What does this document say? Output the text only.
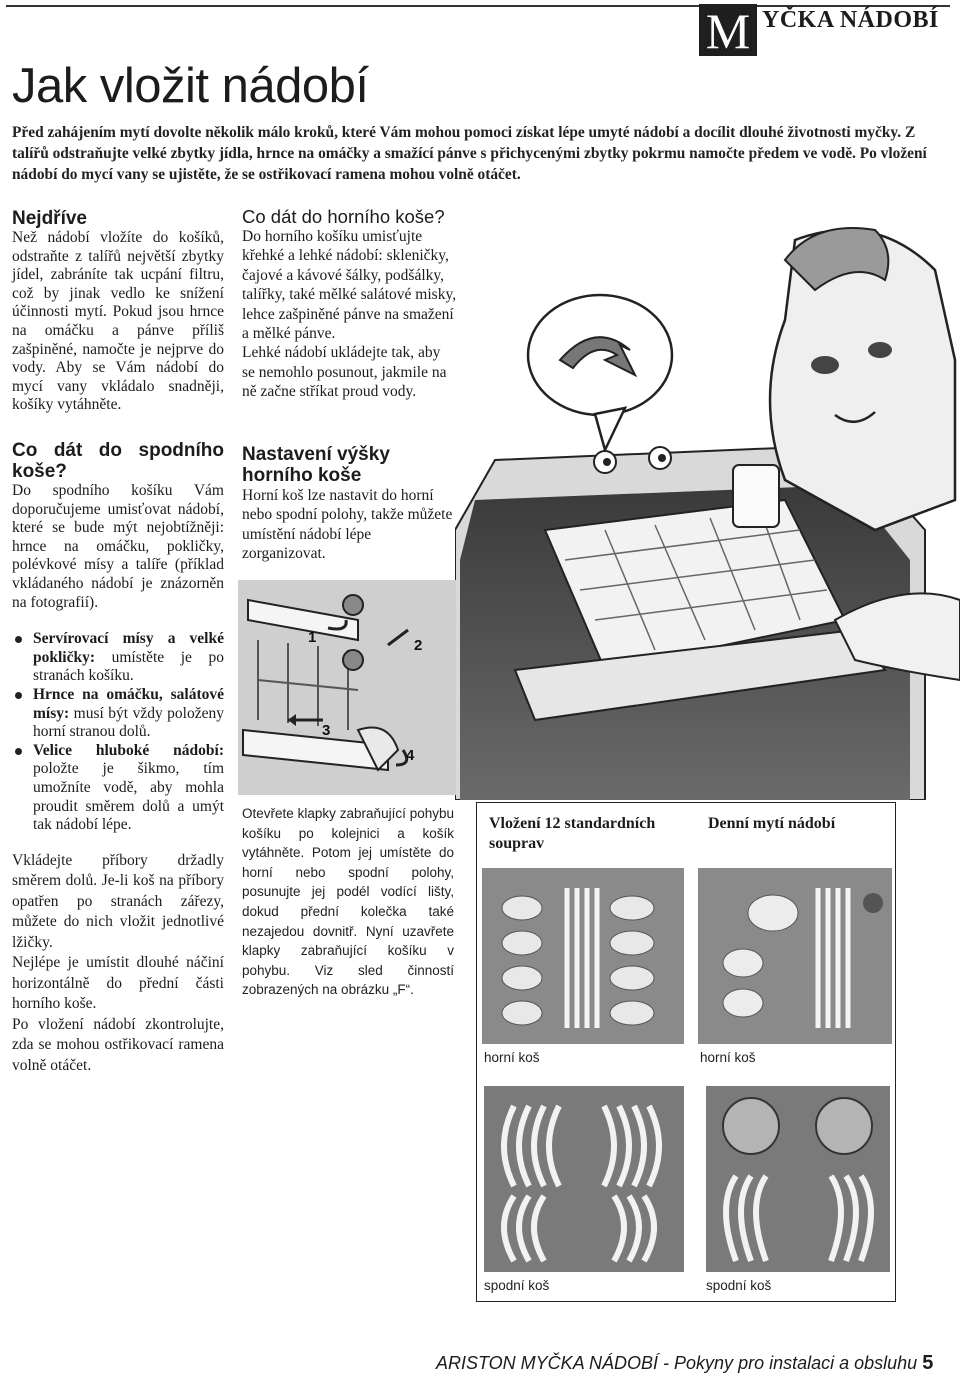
M YČKA NÁDOBÍ
Jak vložit nádobí

Před zahájením mytí dovolte několik málo kroků, které Vám mohou pomoci získat lépe umyté nádobí a docílit dlouhé životnosti myčky. Z talířů odstraňujte velké zbytky jídla, hrnce na omáčky a smažící pánve s přichycenými zbytky pokrmu namočte předem ve vodě. Po vložení nádobí do mycí vany se ujistěte, že se ostřikovací ramena mohou volně otáčet.

Nejdříve

Než nádobí vložíte do košíků, odstraňte z talířů největší zbytky jídel, zabráníte tak ucpání filtru, což by jinak vedlo ke snížení účinnosti mytí. Pokud jsou hrnce na omáčku a pánve příliš zašpiněné, namočte je nejprve do vody. Aby se Vám nádobí do mycí vany vkládalo snadněji, košíky vytáhněte.

Co dát do spodního koše?

Do spodního košíku Vám doporučujeme umisťovat nádobí, které se bude mýt nejobtížněji: hrnce na omáčku, pokličky, polévkové mísy a talíře (příklad vkládaného nádobí je znázorněn na fotografií).

Servírovací mísy a velké pokličky: umístěte je po stranách košíku.
Hrnce na omáčku, salátové mísy: musí být vždy položeny horní stranou dolů.
Velice hluboké nádobí: položte je šikmo, tím umožníte vodě, aby mohla proudit směrem dolů a umýt tak nádobí lépe.

Vkládejte příbory držadly směrem dolů. Je-li koš na příbory opatřen po stranách zářezy, můžete do nich vložit jednotlivé lžičky.

Nejlépe je umístit dlouhé náčiní horizontálně do přední části horního koše.

Po vložení nádobí zkontrolujte, zda se mohou ostřikovací ramena volně otáčet.

Co dát do horního koše?

Do horního košíku umisťujte křehké a lehké nádobí: skleničky, čajové a kávové šálky, podšálky, talířky, také mělké salátové misky, lehce zašpiněné pánve na smažení a mělké pánve.

Lehké nádobí ukládejte tak, aby se nemohlo posunout, jakmile na ně začne stříkat proud vody.

Nastavení výšky horního koše

Horní koš lze nastavit do horní nebo spodní polohy, takže můžete umístění nádobí lépe zorganizovat.

1	2
3
4

Otevřete klapky zabraňující pohybu košíku po kolejnici a košík vytáhněte. Potom jej umístěte do horní nebo spodní polohy, posunujte jej podél vodící lišty, dokud přední kolečka také nezajedou dovnitř. Nyní uzavřete klapky zabraňující košíku v pohybu. Viz sled činností zobrazených na obrázku „F“.

Vložení 12 standardních souprav
Denní mytí nádobí
horní koš	horní koš
spodní koš	spodní koš
ARISTON MYČKA NÁDOBÍ - Pokyny pro instalaci a obsluhu 5
